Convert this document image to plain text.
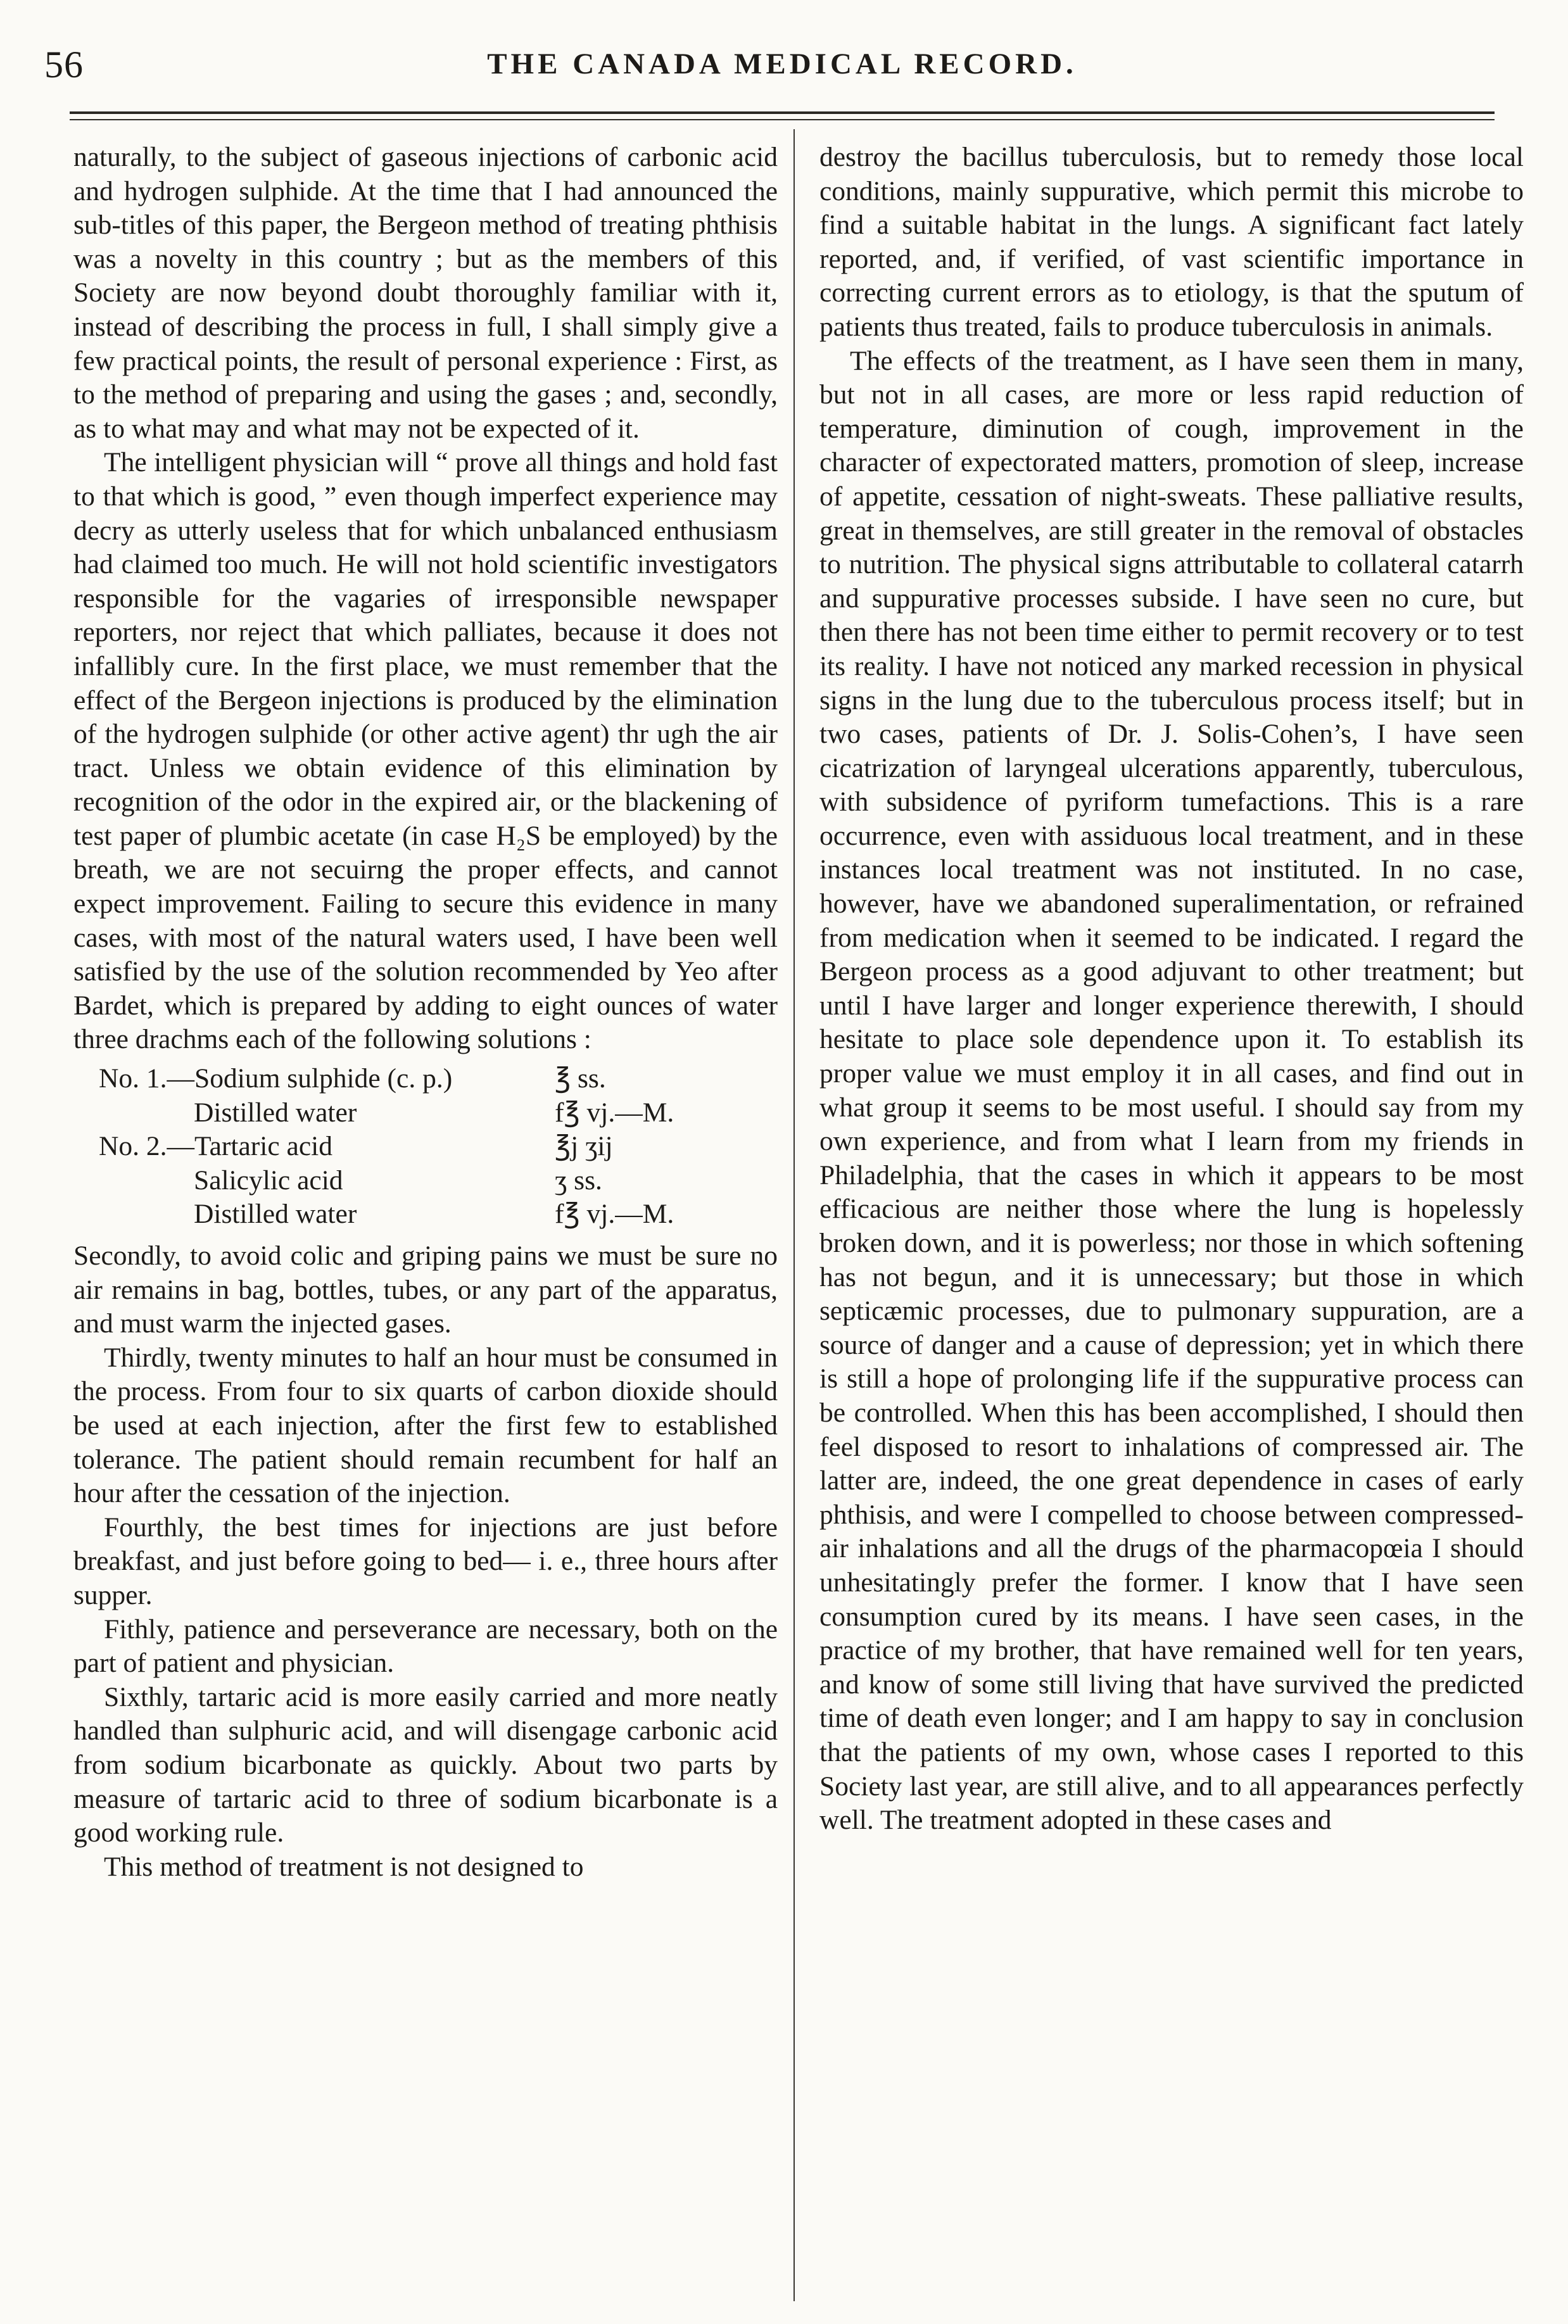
56	THE CANADA MEDICAL RECORD.

naturally, to the subject of gaseous injections of carbonic acid and hydrogen sulphide. At the time that I had announced the sub-titles of this paper, the Bergeon method of treating phthisis was a novelty in this country ; but as the members of this Society are now beyond doubt thoroughly familiar with it, instead of describing the process in full, I shall simply give a few practical points, the result of personal experience : First, as to the method of preparing and using the gases ; and, secondly, as to what may and what may not be expected of it.

The intelligent physician will “ prove all things and hold fast to that which is good, ” even though imperfect experience may decry as utterly useless that for which unbalanced enthusiasm had claimed too much. He will not hold scientific investigators responsible for the vagaries of irresponsible newspaper reporters, nor reject that which palliates, because it does not infallibly cure. In the first place, we must remember that the effect of the Bergeon injections is produced by the elimination of the hydrogen sulphide (or other active agent) thr ugh the air tract. Unless we obtain evidence of this elimination by recognition of the odor in the expired air, or the blackening of test paper of plumbic acetate (in case H₂S be employed) by the breath, we are not secuirng the proper effects, and cannot expect improvement. Failing to secure this evidence in many cases, with most of the natural waters used, I have been well satisfied by the use of the solution recommended by Yeo after Bardet, which is prepared by adding to eight ounces of water three drachms each of the following solutions :

No. 1.—Sodium sulphide (c. p.)	℥ ss.
Distilled water	f℥ vj.—M.
No. 2.—Tartaric acid	℥j ʒij
Salicylic acid	ʒ ss.
Distilled water	f℥ vj.—M.

Secondly, to avoid colic and griping pains we must be sure no air remains in bag, bottles, tubes, or any part of the apparatus, and must warm the injected gases.

Thirdly, twenty minutes to half an hour must be consumed in the process. From four to six quarts of carbon dioxide should be used at each injection, after the first few to established tolerance. The patient should remain recumbent for half an hour after the cessation of the injection.

Fourthly, the best times for injections are just before breakfast, and just before going to bed— i. e., three hours after supper.

Fithly, patience and perseverance are necessary, both on the part of patient and physician.

Sixthly, tartaric acid is more easily carried and more neatly handled than sulphuric acid, and will disengage carbonic acid from sodium bicarbonate as quickly. About two parts by measure of tartaric acid to three of sodium bicarbonate is a good working rule.

This method of treatment is not designed to

destroy the bacillus tuberculosis, but to remedy those local conditions, mainly suppurative, which permit this microbe to find a suitable habitat in the lungs. A significant fact lately reported, and, if verified, of vast scientific importance in correcting current errors as to etiology, is that the sputum of patients thus treated, fails to produce tuberculosis in animals.

The effects of the treatment, as I have seen them in many, but not in all cases, are more or less rapid reduction of temperature, diminution of cough, improvement in the character of expectorated matters, promotion of sleep, increase of appetite, cessation of night-sweats. These palliative results, great in themselves, are still greater in the removal of obstacles to nutrition. The physical signs attributable to collateral catarrh and suppurative processes subside. I have seen no cure, but then there has not been time either to permit recovery or to test its reality. I have not noticed any marked recession in physical signs in the lung due to the tuberculous process itself; but in two cases, patients of Dr. J. Solis-Cohen’s, I have seen cicatrization of laryngeal ulcerations apparently, tuberculous, with subsidence of pyriform tumefactions. This is a rare occurrence, even with assiduous local treatment, and in these instances local treatment was not instituted. In no case, however, have we abandoned superalimentation, or refrained from medication when it seemed to be indicated. I regard the Bergeon process as a good adjuvant to other treatment; but until I have larger and longer experience therewith, I should hesitate to place sole dependence upon it. To establish its proper value we must employ it in all cases, and find out in what group it seems to be most useful. I should say from my own experience, and from what I learn from my friends in Philadelphia, that the cases in which it appears to be most efficacious are neither those where the lung is hopelessly broken down, and it is powerless; nor those in which softening has not begun, and it is unnecessary; but those in which septicæmic processes, due to pulmonary suppuration, are a source of danger and a cause of depression; yet in which there is still a hope of prolonging life if the suppurative process can be controlled. When this has been accomplished, I should then feel disposed to resort to inhalations of compressed air. The latter are, indeed, the one great dependence in cases of early phthisis, and were I compelled to choose between compressed-air inhalations and all the drugs of the pharmacopœia I should unhesitatingly prefer the former. I know that I have seen consumption cured by its means. I have seen cases, in the practice of my brother, that have remained well for ten years, and know of some still living that have survived the predicted time of death even longer; and I am happy to say in conclusion that the patients of my own, whose cases I reported to this Society last year, are still alive, and to all appearances perfectly well. The treatment adopted in these cases and
